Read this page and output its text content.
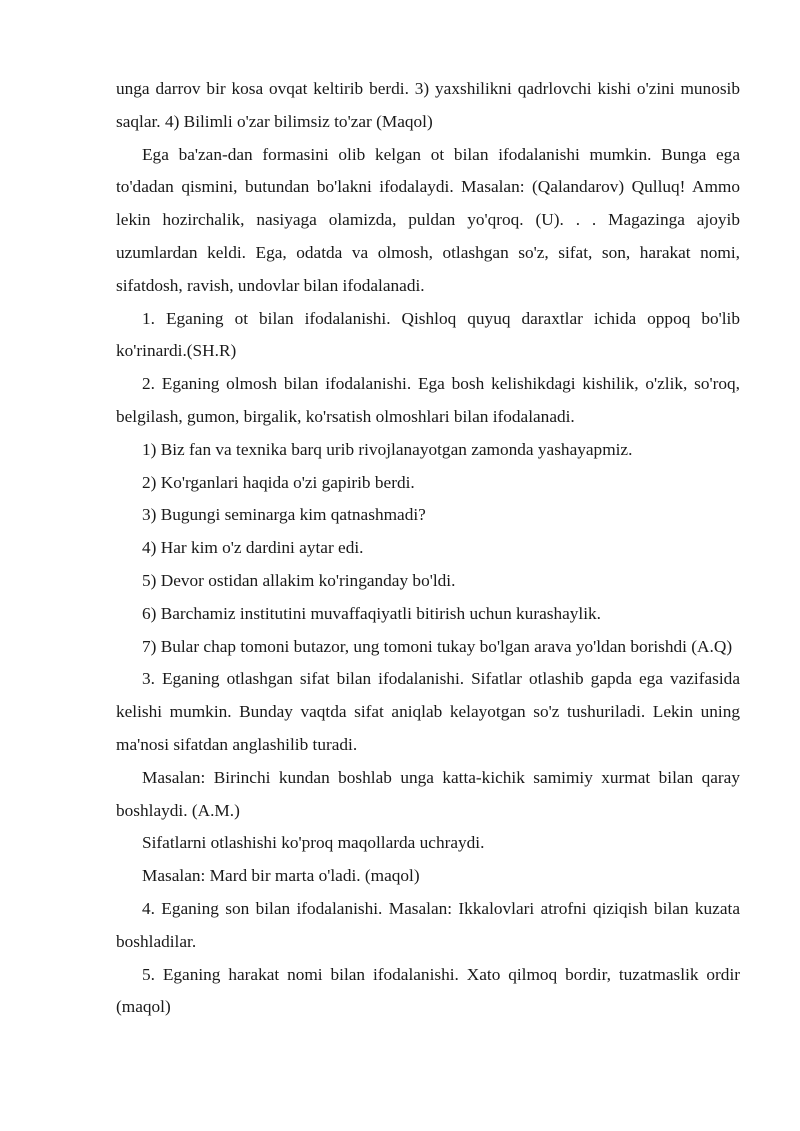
unga darrov bir kosa ovqat keltirib berdi. 3) yaxshilikni qadrlovchi kishi o'zini munosib saqlar. 4) Bilimli o'zar bilimsiz to'zar (Maqol)

Ega ba'zan-dan formasini olib kelgan ot bilan ifodalanishi mumkin. Bunga ega to'dadan qismini, butundan bo'lakni ifodalaydi. Masalan: (Qalandarov) Qulluq! Ammo lekin hozirchalik, nasiyaga olamizda, puldan yo'qroq. (U). . . Magazinga ajoyib uzumlardan keldi. Ega, odatda va olmosh, otlashgan so'z, sifat, son, harakat nomi, sifatdosh, ravish, undovlar bilan ifodalanadi.

1. Eganing ot bilan ifodalanishi. Qishloq quyuq daraxtlar ichida oppoq bo'lib ko'rinardi.(SH.R)

2. Eganing olmosh bilan ifodalanishi. Ega bosh kelishikdagi kishilik, o'zlik, so'roq, belgilash, gumon, birgalik, ko'rsatish olmoshlari bilan ifodalanadi.

1) Biz fan va texnika barq urib rivojlanayotgan zamonda yashayapmiz.

2) Ko'rganlari haqida o'zi gapirib berdi.

3) Bugungi seminarga kim qatnashmadi?

4) Har kim o'z dardini aytar edi.

5) Devor ostidan allakim ko'ringanday bo'ldi.

6) Barchamiz institutini muvaffaqiyatli bitirish uchun kurashaylik.

7) Bular chap tomoni butazor, ung tomoni tukay bo'lgan arava yo'ldan borishdi (A.Q)

3. Eganing otlashgan sifat bilan ifodalanishi. Sifatlar otlashib gapda ega vazifasida kelishi mumkin. Bunday vaqtda sifat aniqlab kelayotgan so'z tushuriladi. Lekin uning ma'nosi sifatdan anglashilib turadi.

Masalan: Birinchi kundan boshlab unga katta-kichik samimiy xurmat bilan qaray boshlaydi. (A.M.)

Sifatlarni otlashishi ko'proq maqollarda uchraydi.

Masalan: Mard bir marta o'ladi. (maqol)

4. Eganing son bilan ifodalanishi. Masalan: Ikkalovlari atrofni qiziqish bilan kuzata boshladilar.

5. Eganing harakat nomi bilan ifodalanishi. Xato qilmoq bordir, tuzatmaslik ordir (maqol)
